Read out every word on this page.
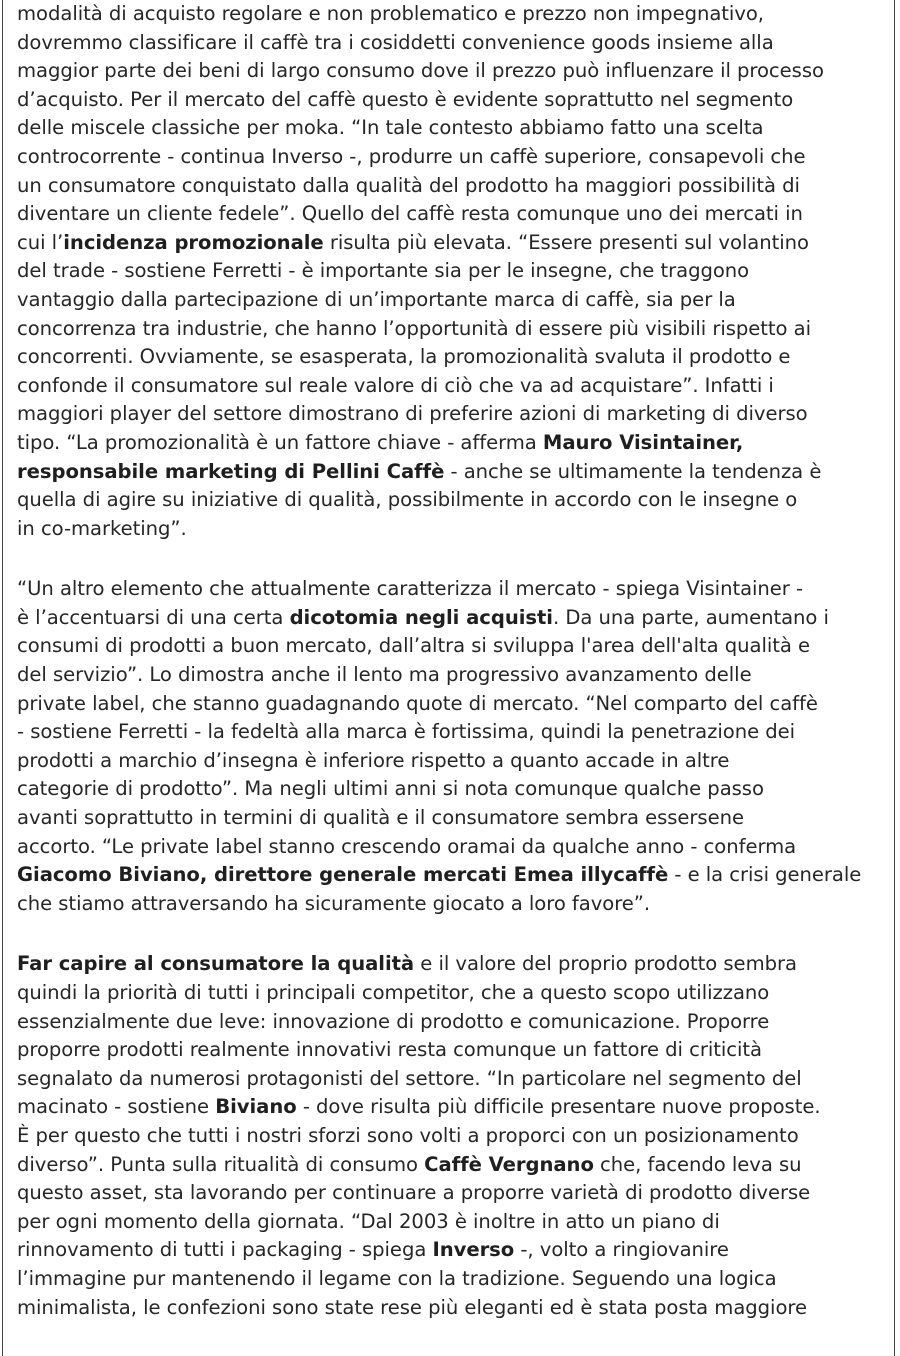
modalità di acquisto regolare e non problematico e prezzo non impegnativo,
dovremmo classificare il caffè tra i cosiddetti convenience goods insieme alla
maggior parte dei beni di largo consumo dove il prezzo può influenzare il processo
d’acquisto. Per il mercato del caffè questo è evidente soprattutto nel segmento
delle miscele classiche per moka. “In tale contesto abbiamo fatto una scelta
controcorrente - continua Inverso -, produrre un caffè superiore, consapevoli che
un consumatore conquistato dalla qualità del prodotto ha maggiori possibilità di
diventare un cliente fedele”. Quello del caffè resta comunque uno dei mercati in
cui l’incidenza promozionale risulta più elevata. “Essere presenti sul volantino
del trade - sostiene Ferretti - è importante sia per le insegne, che traggono
vantaggio dalla partecipazione di un’importante marca di caffè, sia per la
concorrenza tra industrie, che hanno l’opportunità di essere più visibili rispetto ai
concorrenti. Ovviamente, se esasperata, la promozionalità svaluta il prodotto e
confonde il consumatore sul reale valore di ciò che va ad acquistare”. Infatti i
maggiori player del settore dimostrano di preferire azioni di marketing di diverso
tipo. “La promozionalità è un fattore chiave - afferma Mauro Visintainer,
responsabile marketing di Pellini Caffè - anche se ultimamente la tendenza è
quella di agire su iniziative di qualità, possibilmente in accordo con le insegne o
in co-marketing”.
“Un altro elemento che attualmente caratterizza il mercato - spiega Visintainer -
è l’accentuarsi di una certa dicotomia negli acquisti. Da una parte, aumentano i
consumi di prodotti a buon mercato, dall’altra si sviluppa l'area dell'alta qualità e
del servizio”. Lo dimostra anche il lento ma progressivo avanzamento delle
private label, che stanno guadagnando quote di mercato. “Nel comparto del caffè
- sostiene Ferretti - la fedeltà alla marca è fortissima, quindi la penetrazione dei
prodotti a marchio d’insegna è inferiore rispetto a quanto accade in altre
categorie di prodotto”. Ma negli ultimi anni si nota comunque qualche passo
avanti soprattutto in termini di qualità e il consumatore sembra essersene
accorto. “Le private label stanno crescendo oramai da qualche anno - conferma
Giacomo Biviano, direttore generale mercati Emea illycaffè - e la crisi generale
che stiamo attraversando ha sicuramente giocato a loro favore”.
Far capire al consumatore la qualità e il valore del proprio prodotto sembra
quindi la priorità di tutti i principali competitor, che a questo scopo utilizzano
essenzialmente due leve: innovazione di prodotto e comunicazione. Proporre
proporre prodotti realmente innovativi resta comunque un fattore di criticità
segnalato da numerosi protagonisti del settore. “In particolare nel segmento del
macinato - sostiene Biviano - dove risulta più difficile presentare nuove proposte.
È per questo che tutti i nostri sforzi sono volti a proporci con un posizionamento
diverso”. Punta sulla ritualità di consumo Caffè Vergnano che, facendo leva su
questo asset, sta lavorando per continuare a proporre varietà di prodotto diverse
per ogni momento della giornata. “Dal 2003 è inoltre in atto un piano di
rinnovamento di tutti i packaging - spiega Inverso -, volto a ringiovanire
l’immagine pur mantenendo il legame con la tradizione. Seguendo una logica
minimalista, le confezioni sono state rese più eleganti ed è stata posta maggiore
